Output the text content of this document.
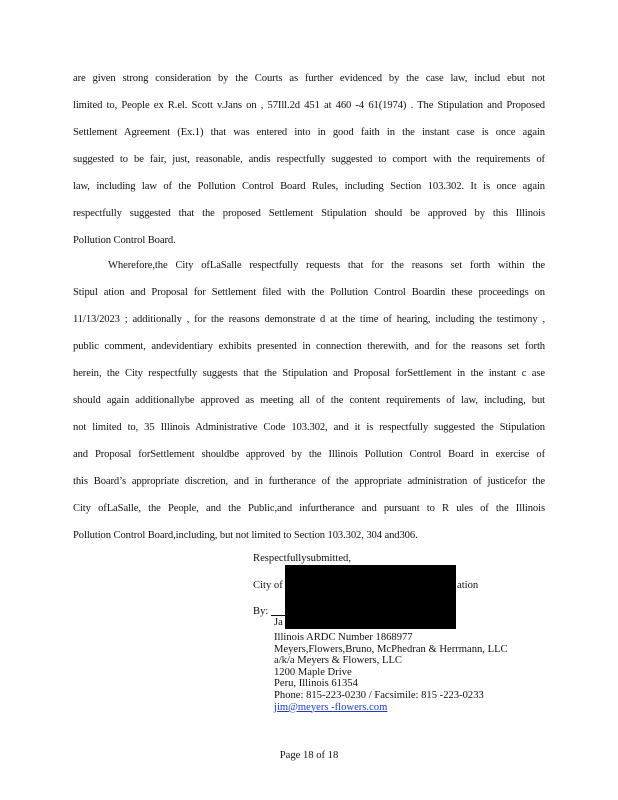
are given strong consideration by the Courts as further evidenced by the case law, includ ebut not
limited to, People ex R.el. Scott v.Jans on , 57Ill.2d 451 at 460 -4 61(1974) . The Stipulation and Proposed
Settlement Agreement (Ex.1) that was entered into in good faith in the instant case is once again
suggested to be fair, just, reasonable, andis respectfully suggested to comport with the requirements of
law, including law of the Pollution Control Board Rules, including Section 103.302. It is once again
respectfully suggested that the proposed Settlement Stipulation should be approved by this Illinois
Pollution Control Board.
Wherefore,the City ofLaSalle respectfully requests that for the reasons set forth within the
Stipul ation and Proposal for Settlement filed with the Pollution Control Boardin these proceedings on
11/13/2023 ; additionally , for the reasons demonstrate d at the time of hearing, including the testimony ,
public comment, andevidentiary exhibits presented in connection therewith, and for the reasons set forth
herein, the City respectfully suggests that the Stipulation and Proposal forSettlement in the instant c ase
should again additionallybe approved as meeting all of the content requirements of law, including, but
not limited to, 35 Illinois Administrative Code 103.302, and it is respectfully suggested the Stipulation
and Proposal forSettlement shouldbe approved by the Illinois Pollution Control Board in exercise of
this Board’s appropriate discretion, and in furtherance of the appropriate administration of justicefor the
City ofLaSalle, the People, and the Public,and infurtherance and pursuant to R ules of the Illinois
Pollution Control Board,including, but not limited to Section 103.302, 304 and306.
Respectfullysubmitted,
City of	ation
By:
Ja
Illinois ARDC Number 1868977
Meyers,Flowers,Bruno, McPhedran & Herrmann, LLC
a/k/a Meyers & Flowers, LLC
1200 Maple Drive
Peru, Illinois 61354
Phone: 815-223-0230 / Facsimile: 815 -223-0233
jim@meyers -flowers.com
Page 18 of 18
